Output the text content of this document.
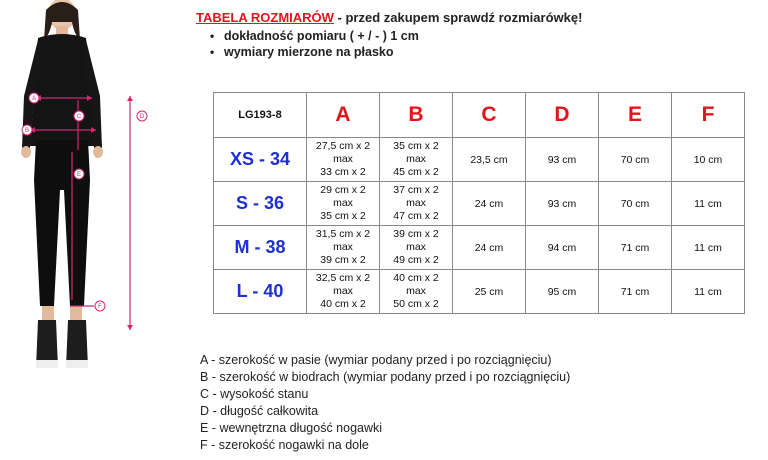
A
B
C	D
E
F
TABELA ROZMIARÓW - przed zakupem sprawdź rozmiarówkę!
• dokładność pomiaru ( + / - ) 1 cm
• wymiary mierzone na płasko
LG193-8	A	B	C	D	E	F
XS - 34	27,5 cm x 2
max
33 cm x 2	35 cm x 2
max
45 cm x 2	23,5 cm	93 cm	70 cm	10 cm
S - 36	29 cm x 2
max
35 cm x 2	37 cm x 2
max
47 cm x 2	24 cm	93 cm	70 cm	11 cm
M - 38	31,5 cm x 2
max
39 cm x 2	39 cm x 2
max
49 cm x 2	24 cm	94 cm	71 cm	11 cm
L - 40	32,5 cm x 2
max
40 cm x 2	40 cm x 2
max
50 cm x 2	25 cm	95 cm	71 cm	11 cm
A - szerokość w pasie (wymiar podany przed i po rozciągnięciu)
B - szerokość w biodrach (wymiar podany przed i po rozciągnięciu)
C - wysokość stanu
D - długość całkowita
E - wewnętrzna długość nogawki
F - szerokość nogawki na dole
